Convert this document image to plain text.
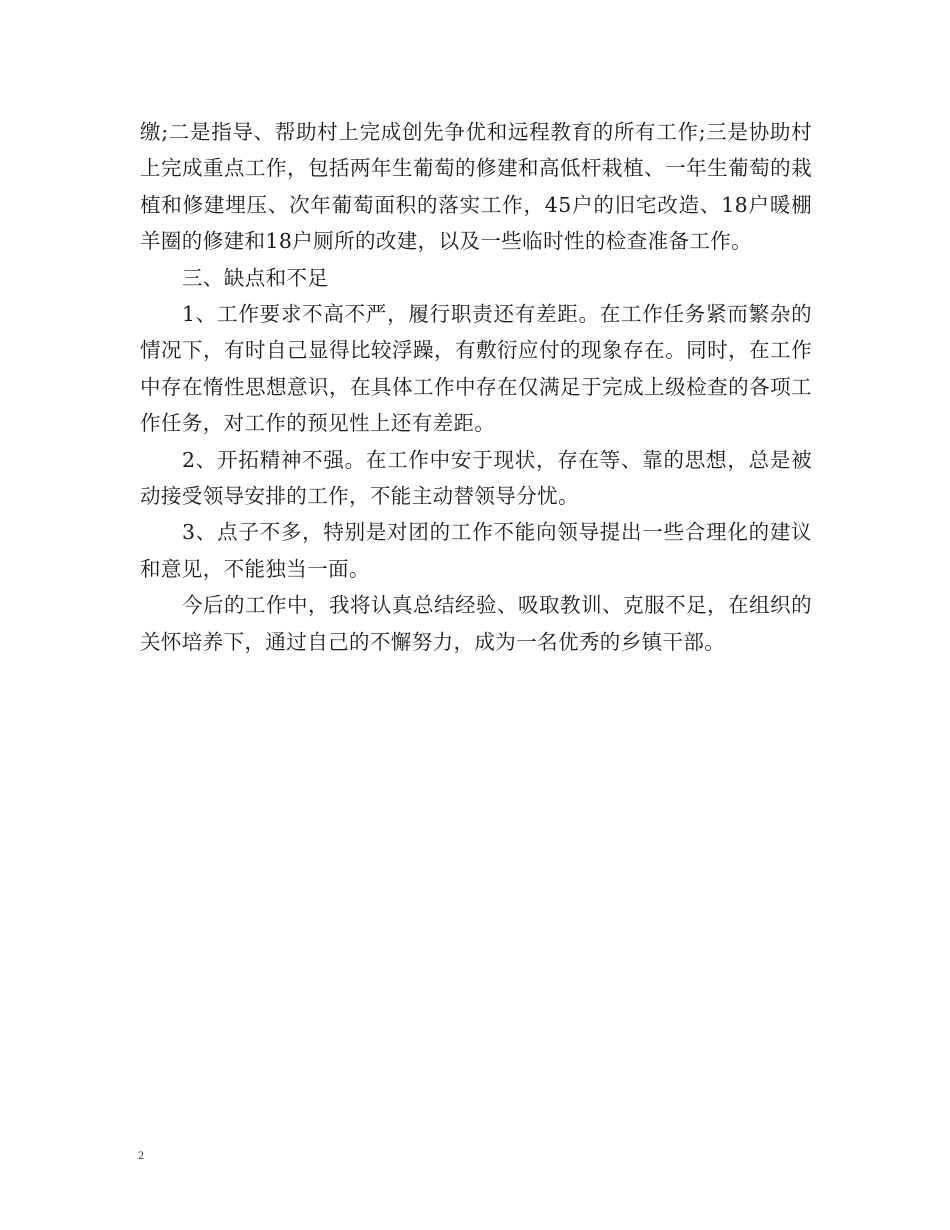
缴;二是指导、帮助村上完成创先争优和远程教育的所有工作;三是协助村上完成重点工作，包括两年生葡萄的修建和高低杆栽植、一年生葡萄的栽植和修建埋压、次年葡萄面积的落实工作，45户的旧宅改造、18户暖棚羊圈的修建和18户厕所的改建，以及一些临时性的检查准备工作。

三、缺点和不足

1、工作要求不高不严，履行职责还有差距。在工作任务紧而繁杂的情况下，有时自己显得比较浮躁，有敷衍应付的现象存在。同时，在工作中存在惰性思想意识，在具体工作中存在仅满足于完成上级检查的各项工作任务，对工作的预见性上还有差距。

2、开拓精神不强。在工作中安于现状，存在等、靠的思想，总是被动接受领导安排的工作，不能主动替领导分忧。

3、点子不多，特别是对团的工作不能向领导提出一些合理化的建议和意见，不能独当一面。

今后的工作中，我将认真总结经验、吸取教训、克服不足，在组织的关怀培养下，通过自己的不懈努力，成为一名优秀的乡镇干部。

2
